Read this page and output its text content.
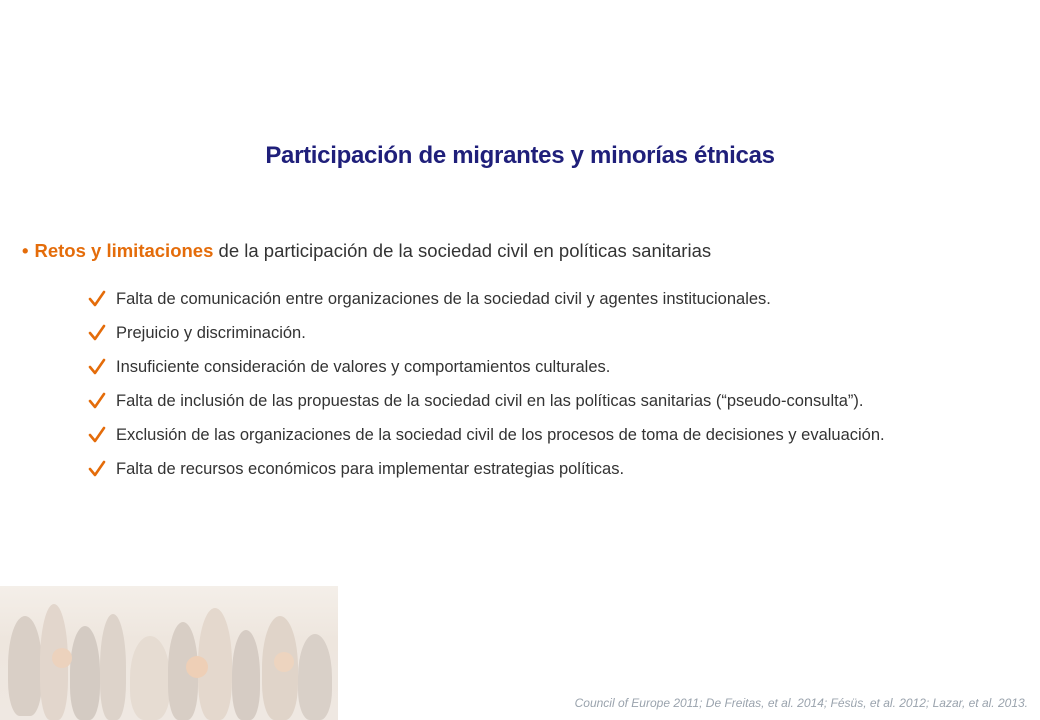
Participación de migrantes y minorías étnicas
• Retos y limitaciones de la participación de la sociedad civil en políticas sanitarias
Falta de comunicación entre organizaciones de la sociedad civil y agentes institucionales.
Prejuicio y discriminación.
Insuficiente consideración de valores y comportamientos culturales.
Falta de inclusión de las propuestas de la sociedad civil en las políticas sanitarias (“pseudo-consulta”).
Exclusión de las organizaciones de la sociedad civil de los procesos de toma de decisiones y evaluación.
Falta de recursos económicos para implementar estrategias políticas.
Council of Europe 2011; De Freitas, et al. 2014; Fésüs, et al. 2012; Lazar, et al. 2013.
